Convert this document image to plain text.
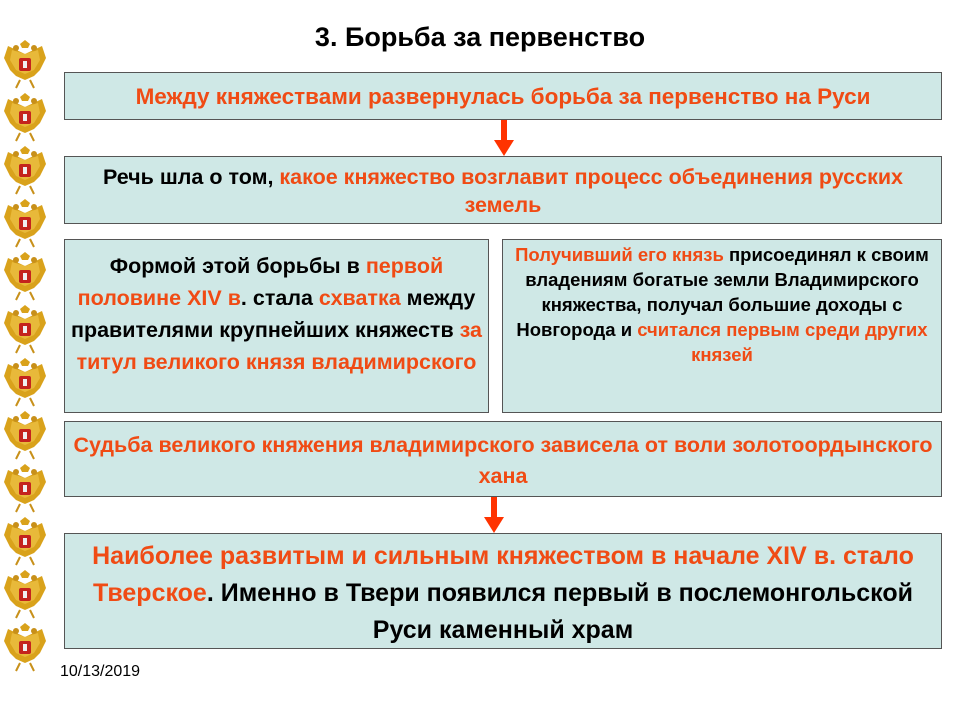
3. Борьба за первенство
Между княжествами развернулась борьба за первенство на Руси
Речь шла о том, какое княжество возглавит процесс объединения русских земель
Формой этой борьбы в первой половине XIV в. стала схватка между правителями крупнейших княжеств за титул великого князя владимирского
Получивший его князь присоединял к своим владениям богатые земли Владимирского княжества, получал большие доходы с Новгорода и считался первым среди других князей
Судьба великого княжения владимирского зависела от воли золотоордынского хана
Наиболее развитым и сильным княжеством в начале XIV в. стало Тверское. Именно в Твери появился первый в послемонгольской Руси каменный храм
10/13/2019
